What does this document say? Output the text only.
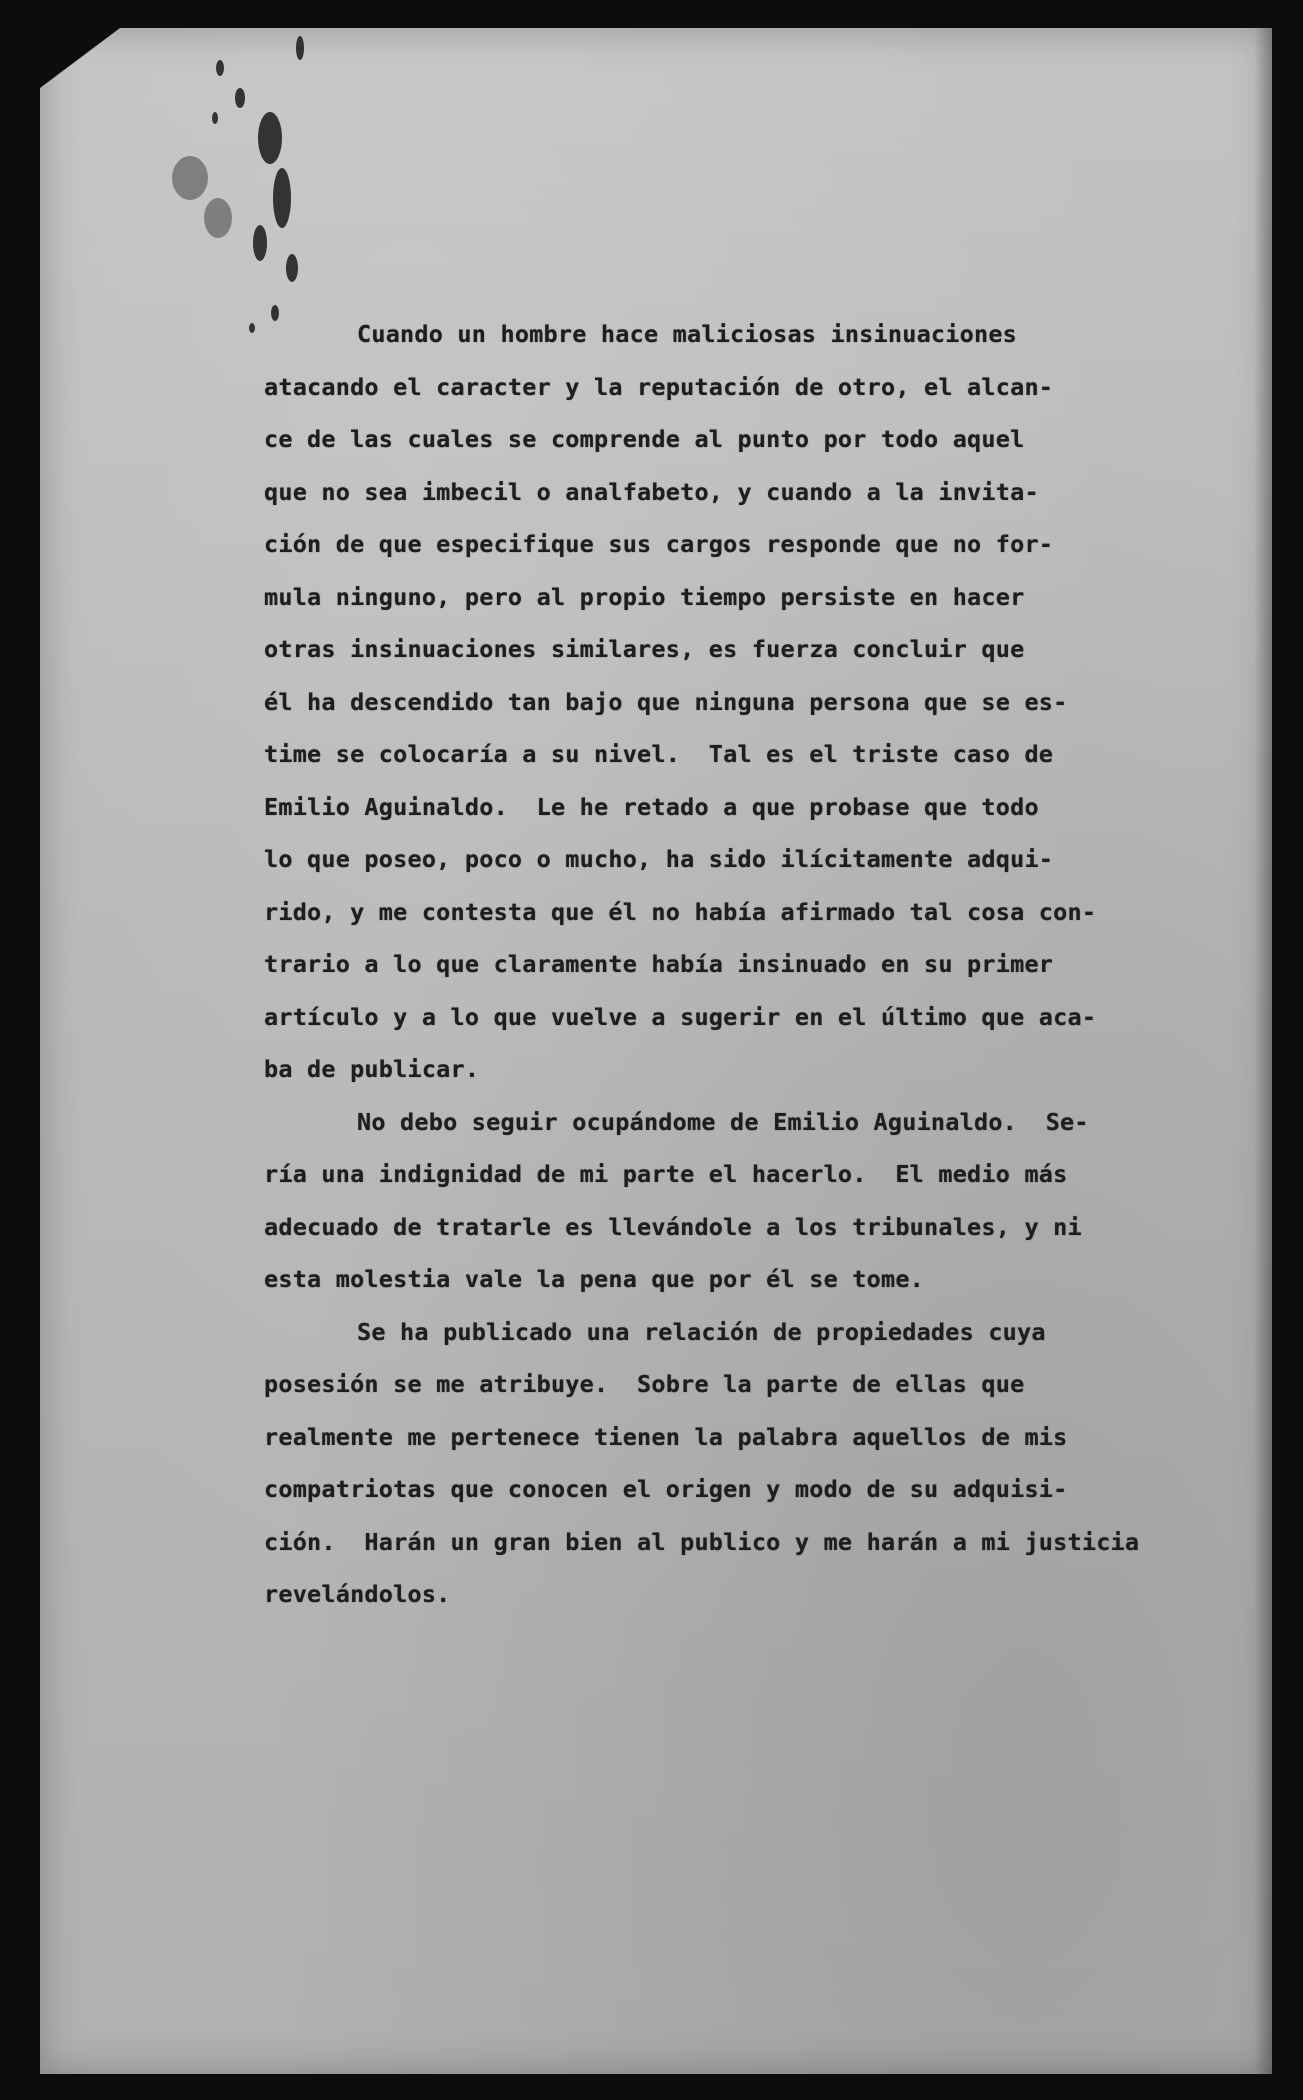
Cuando un hombre hace maliciosas insinuaciones
atacando el caracter y la reputación de otro, el alcan-
ce de las cuales se comprende al punto por todo aquel
que no sea imbecil o analfabeto, y cuando a la invita-
ción de que especifique sus cargos responde que no for-
mula ninguno, pero al propio tiempo persiste en hacer
otras insinuaciones similares, es fuerza concluir que
él ha descendido tan bajo que ninguna persona que se es-
time se colocaría a su nivel.  Tal es el triste caso de
Emilio Aguinaldo.  Le he retado a que probase que todo
lo que poseo, poco o mucho, ha sido ilícitamente adqui-
rido, y me contesta que él no había afirmado tal cosa con-
trario a lo que claramente había insinuado en su primer
artículo y a lo que vuelve a sugerir en el último que aca-
ba de publicar.
No debo seguir ocupándome de Emilio Aguinaldo.  Se-
ría una indignidad de mi parte el hacerlo.  El medio más
adecuado de tratarle es llevándole a los tribunales, y ni
esta molestia vale la pena que por él se tome.
Se ha publicado una relación de propiedades cuya
posesión se me atribuye.  Sobre la parte de ellas que
realmente me pertenece tienen la palabra aquellos de mis
compatriotas que conocen el origen y modo de su adquisi-
ción.  Harán un gran bien al publico y me harán a mi justicia
revelándolos.
